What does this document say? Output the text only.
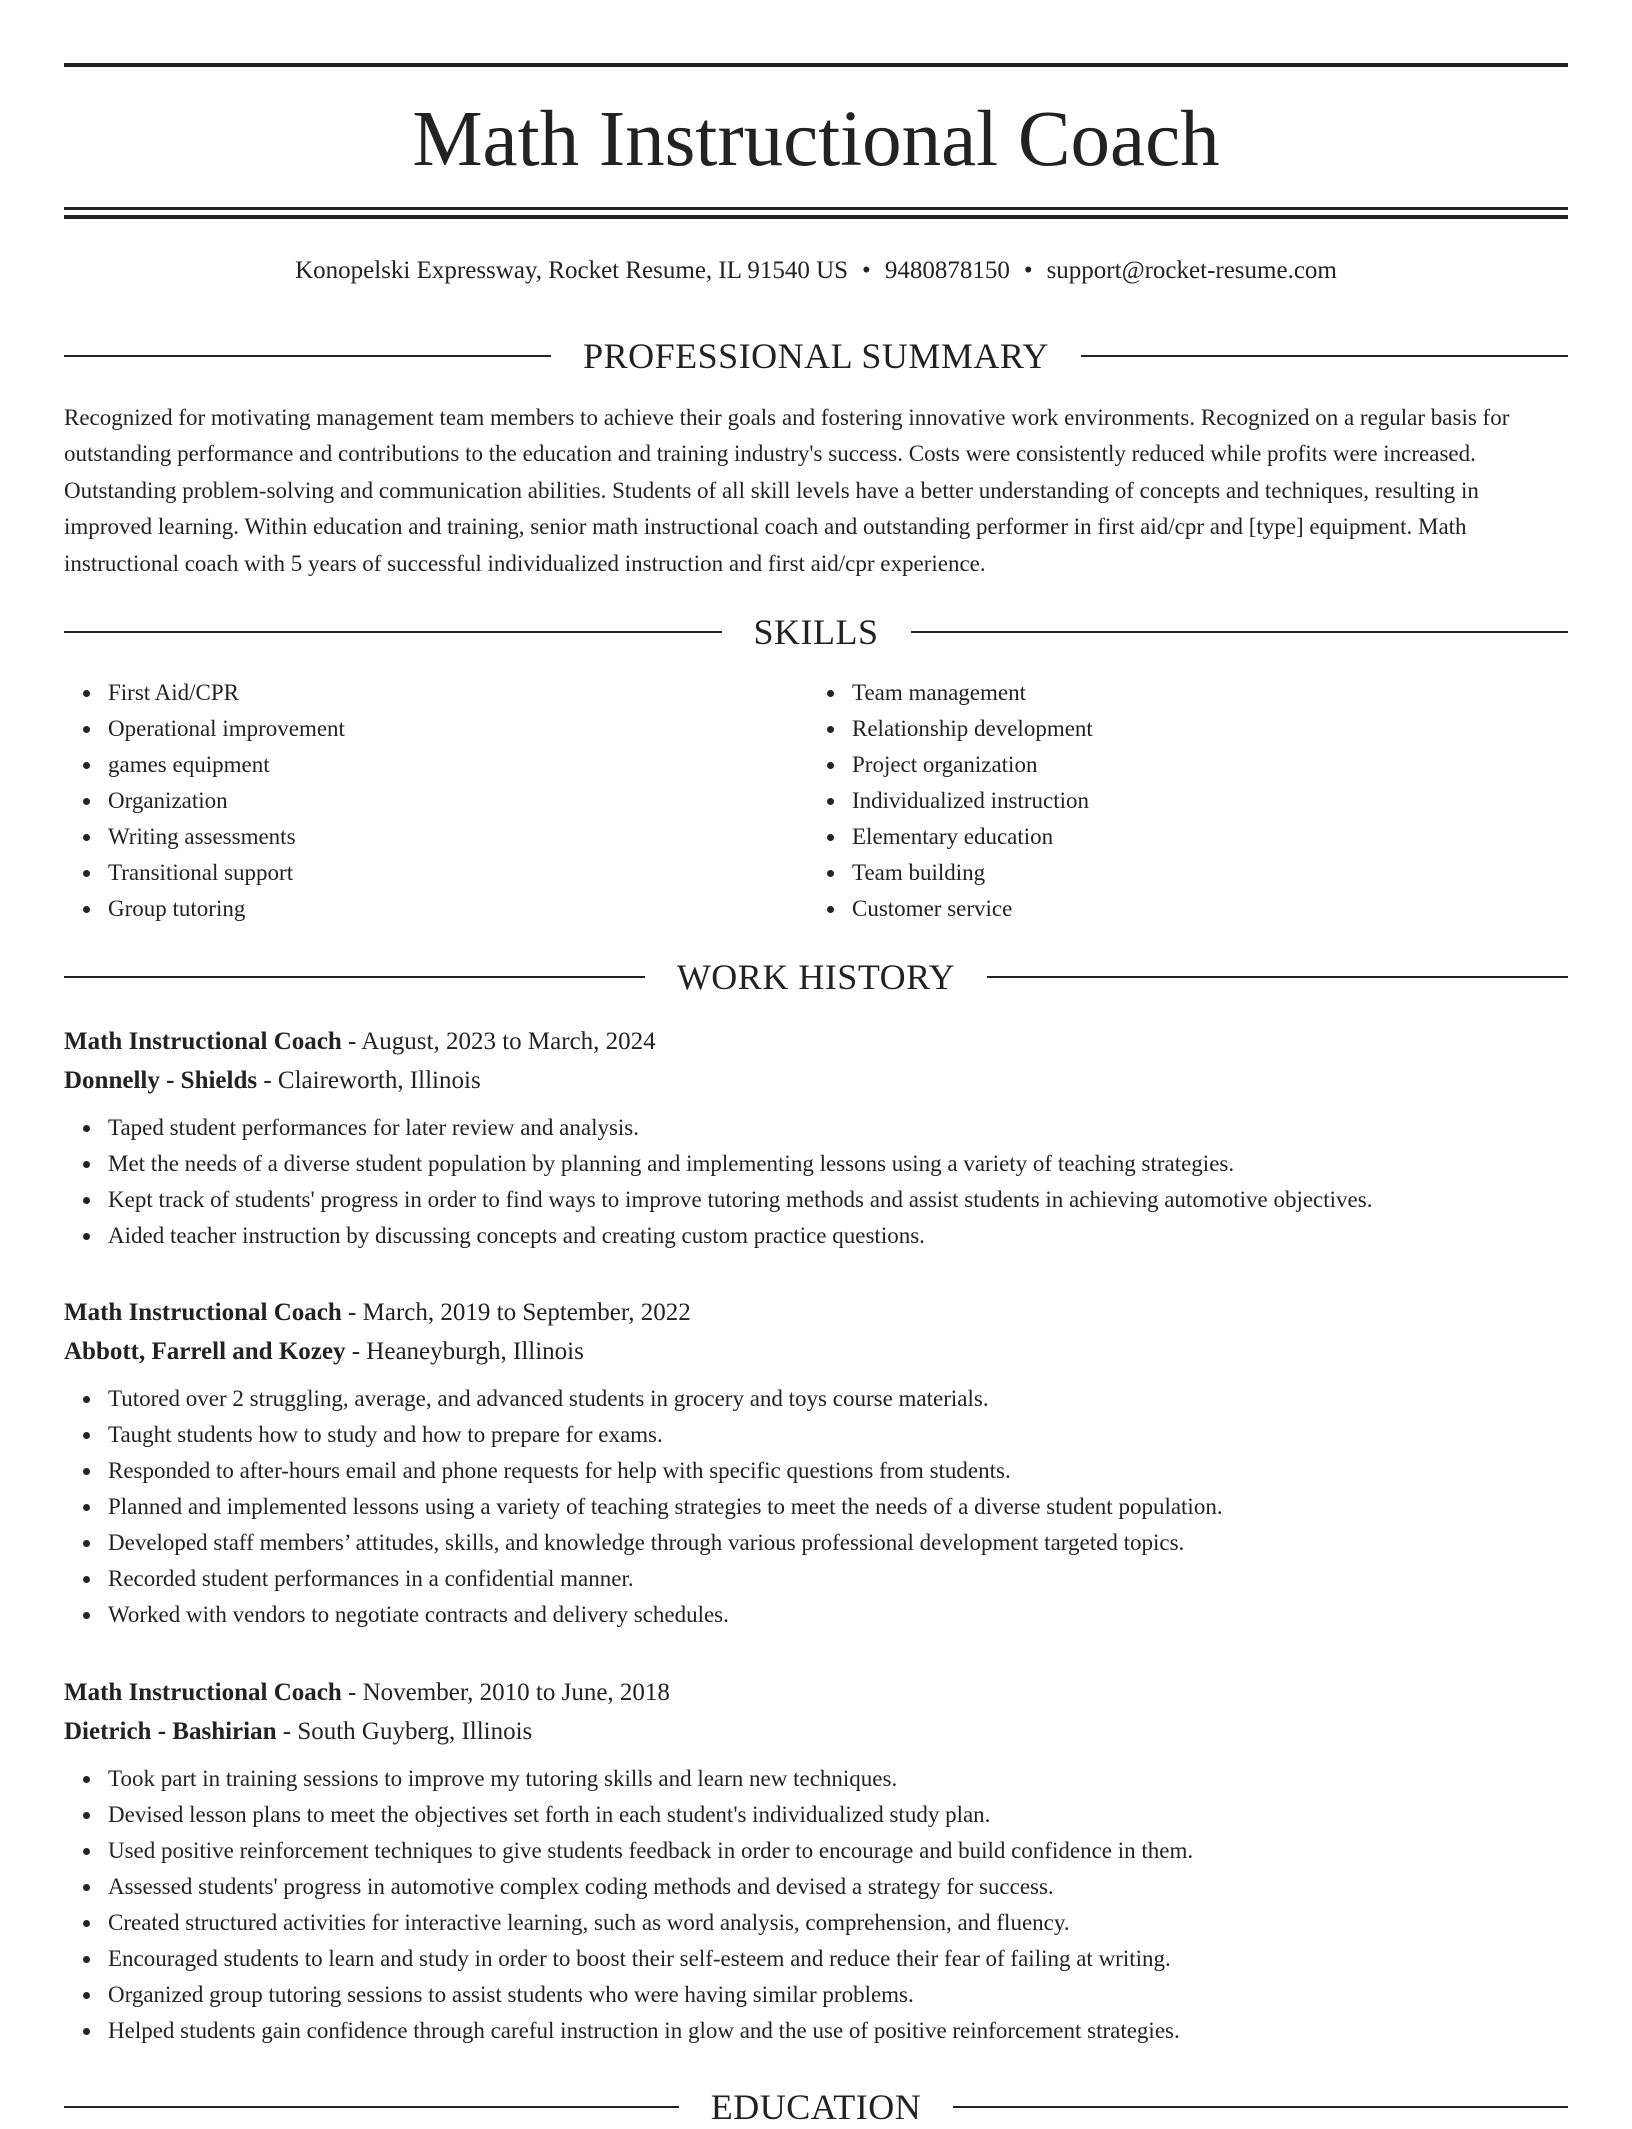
Math Instructional Coach
Konopelski Expressway, Rocket Resume, IL 91540 US • 9480878150 • support@rocket-resume.com
PROFESSIONAL SUMMARY

Recognized for motivating management team members to achieve their goals and fostering innovative work environments. Recognized on a regular basis for outstanding performance and contributions to the education and training industry's success. Costs were consistently reduced while profits were increased. Outstanding problem-solving and communication abilities. Students of all skill levels have a better understanding of concepts and techniques, resulting in improved learning. Within education and training, senior math instructional coach and outstanding performer in first aid/cpr and [type] equipment. Math instructional coach with 5 years of successful individualized instruction and first aid/cpr experience.

SKILLS
First Aid/CPR
Operational improvement
games equipment
Organization
Writing assessments
Transitional support
Group tutoring
Team management
Relationship development
Project organization
Individualized instruction
Elementary education
Team building
Customer service
WORK HISTORY
Math Instructional Coach - August, 2023 to March, 2024
Donnelly - Shields - Claireworth, Illinois
Taped student performances for later review and analysis.
Met the needs of a diverse student population by planning and implementing lessons using a variety of teaching strategies.
Kept track of students' progress in order to find ways to improve tutoring methods and assist students in achieving automotive objectives.
Aided teacher instruction by discussing concepts and creating custom practice questions.
Math Instructional Coach - March, 2019 to September, 2022
Abbott, Farrell and Kozey - Heaneyburgh, Illinois
Tutored over 2 struggling, average, and advanced students in grocery and toys course materials.
Taught students how to study and how to prepare for exams.
Responded to after-hours email and phone requests for help with specific questions from students.
Planned and implemented lessons using a variety of teaching strategies to meet the needs of a diverse student population.
Developed staff members’ attitudes, skills, and knowledge through various professional development targeted topics.
Recorded student performances in a confidential manner.
Worked with vendors to negotiate contracts and delivery schedules.
Math Instructional Coach - November, 2010 to June, 2018
Dietrich - Bashirian - South Guyberg, Illinois
Took part in training sessions to improve my tutoring skills and learn new techniques.
Devised lesson plans to meet the objectives set forth in each student's individualized study plan.
Used positive reinforcement techniques to give students feedback in order to encourage and build confidence in them.
Assessed students' progress in automotive complex coding methods and devised a strategy for success.
Created structured activities for interactive learning, such as word analysis, comprehension, and fluency.
Encouraged students to learn and study in order to boost their self-esteem and reduce their fear of failing at writing.
Organized group tutoring sessions to assist students who were having similar problems.
Helped students gain confidence through careful instruction in glow and the use of positive reinforcement strategies.
EDUCATION
